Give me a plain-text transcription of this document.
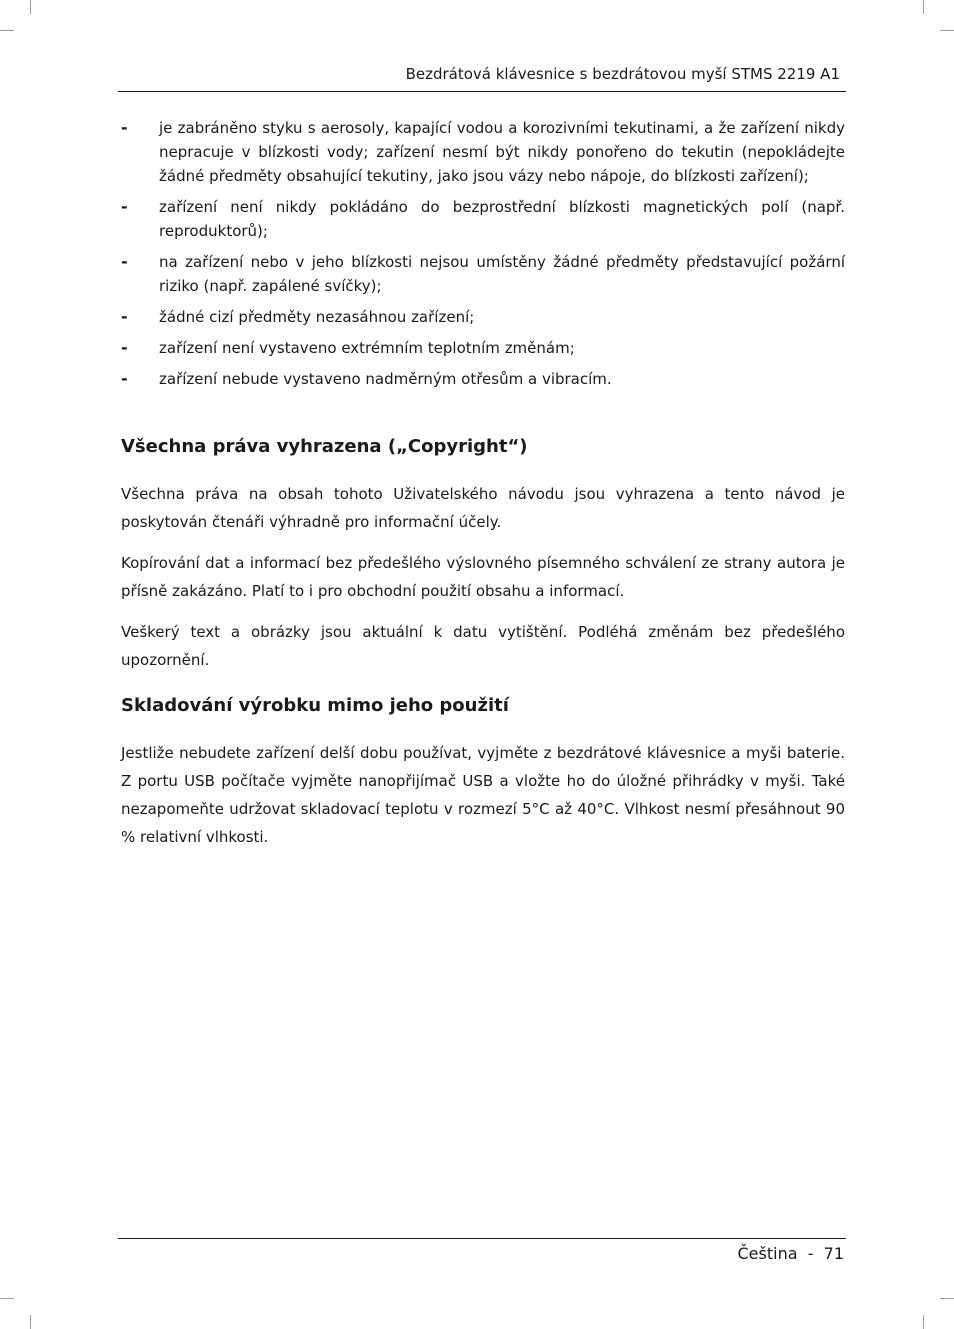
Bezdrátová klávesnice s bezdrátovou myší STMS 2219 A1
- je zabráněno styku s aerosoly, kapající vodou a korozivními tekutinami, a že zařízení nikdy nepracuje v blízkosti vody; zařízení nesmí být nikdy ponořeno do tekutin (nepokládejte žádné předměty obsahující tekutiny, jako jsou vázy nebo nápoje, do blízkosti zařízení);
- zařízení není nikdy pokládáno do bezprostřední blízkosti magnetických polí (např. reproduktorů);
- na zařízení nebo v jeho blízkosti nejsou umístěny žádné předměty představující požární riziko (např. zapálené svíčky);
- žádné cizí předměty nezasáhnou zařízení;
- zařízení není vystaveno extrémním teplotním změnám;
- zařízení nebude vystaveno nadměrným otřesům a vibracím.
Všechna práva vyhrazena („Copyright“)

Všechna práva na obsah tohoto Uživatelského návodu jsou vyhrazena a tento návod je poskytován čtenáři výhradně pro informační účely.

Kopírování dat a informací bez předešlého výslovného písemného schválení ze strany autora je přísně zakázáno. Platí to i pro obchodní použití obsahu a informací.

Veškerý text a obrázky jsou aktuální k datu vytištění. Podléhá změnám bez předešlého upozornění.

Skladování výrobku mimo jeho použití

Jestliže nebudete zařízení delší dobu používat, vyjměte z bezdrátové klávesnice a myši baterie. Z portu USB počítače vyjměte nanopřijímač USB a vložte ho do úložné přihrádky v myši. Také nezapomeňte udržovat skladovací teplotu v rozmezí 5°C až 40°C. Vlhkost nesmí přesáhnout 90 % relativní vlhkosti.

Čeština  -  71
